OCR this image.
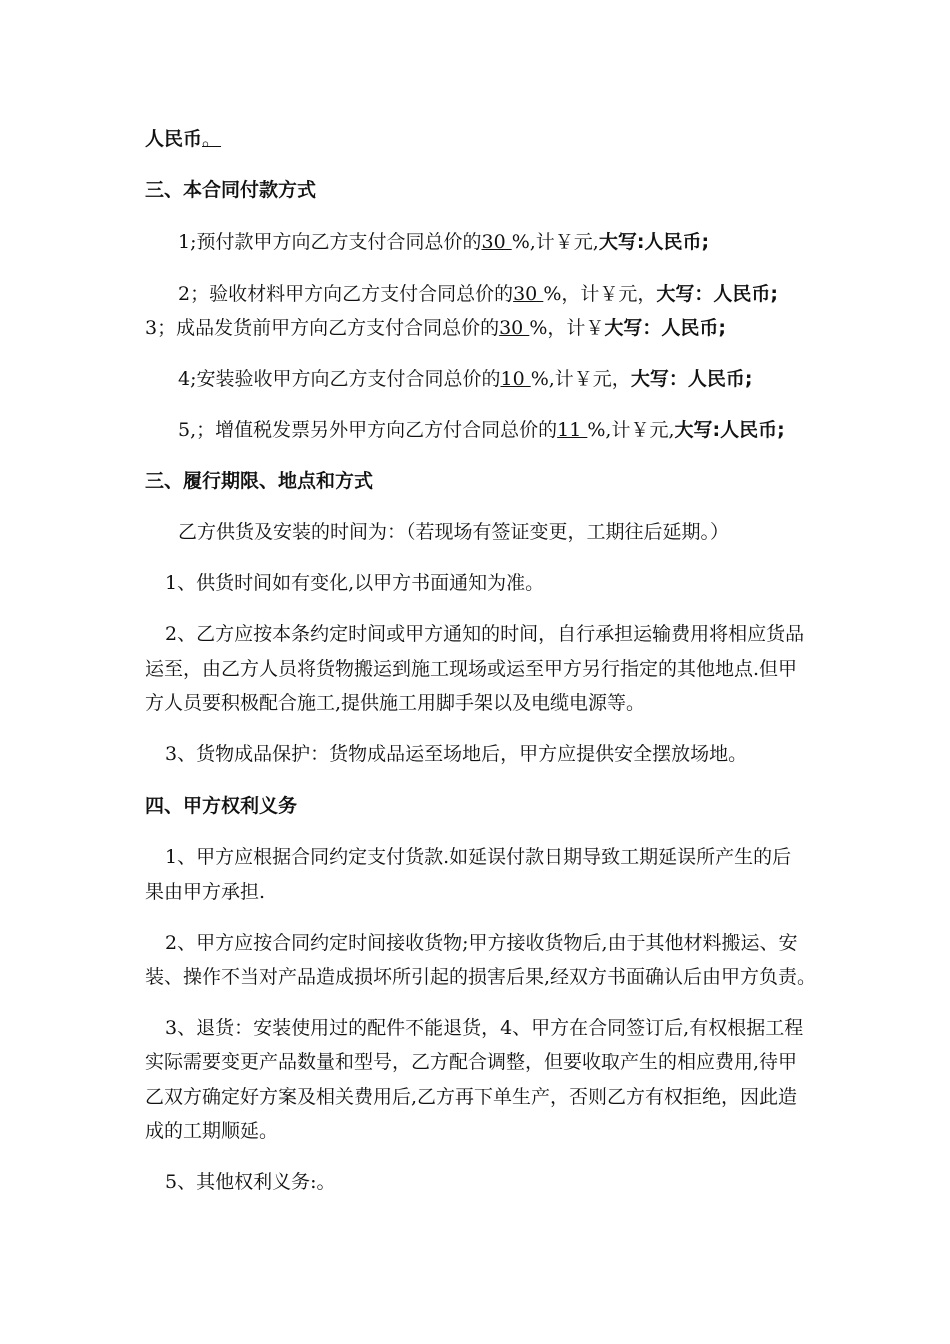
人民币。
三、本合同付款方式
1;预付款甲方向乙方支付合同总价的30 %,计￥元,大写:人民币;
2；验收材料甲方向乙方支付合同总价的30 %，计￥元，大写：人民币;
3；成品发货前甲方向乙方支付合同总价的30 %，计￥大写：人民币;
4;安装验收甲方向乙方支付合同总价的10 %,计￥元，大写：人民币;
5,；增值税发票另外甲方向乙方付合同总价的11 %,计￥元,大写:人民币;
三、履行期限、地点和方式
乙方供货及安装的时间为：（若现场有签证变更，工期往后延期。）
1、供货时间如有变化,以甲方书面通知为准。
2、乙方应按本条约定时间或甲方通知的时间，自行承担运输费用将相应货品
运至，由乙方人员将货物搬运到施工现场或运至甲方另行指定的其他地点.但甲
方人员要积极配合施工,提供施工用脚手架以及电缆电源等。
3、货物成品保护：货物成品运至场地后，甲方应提供安全摆放场地。
四、甲方权利义务
1、甲方应根据合同约定支付货款.如延误付款日期导致工期延误所产生的后
果由甲方承担.
2、甲方应按合同约定时间接收货物;甲方接收货物后,由于其他材料搬运、安
装、操作不当对产品造成损坏所引起的损害后果,经双方书面确认后由甲方负责。
3、退货：安装使用过的配件不能退货，4、甲方在合同签订后,有权根据工程
实际需要变更产品数量和型号，乙方配合调整，但要收取产生的相应费用,待甲
乙双方确定好方案及相关费用后,乙方再下单生产，否则乙方有权拒绝，因此造
成的工期顺延。
5、其他权利义务:。
